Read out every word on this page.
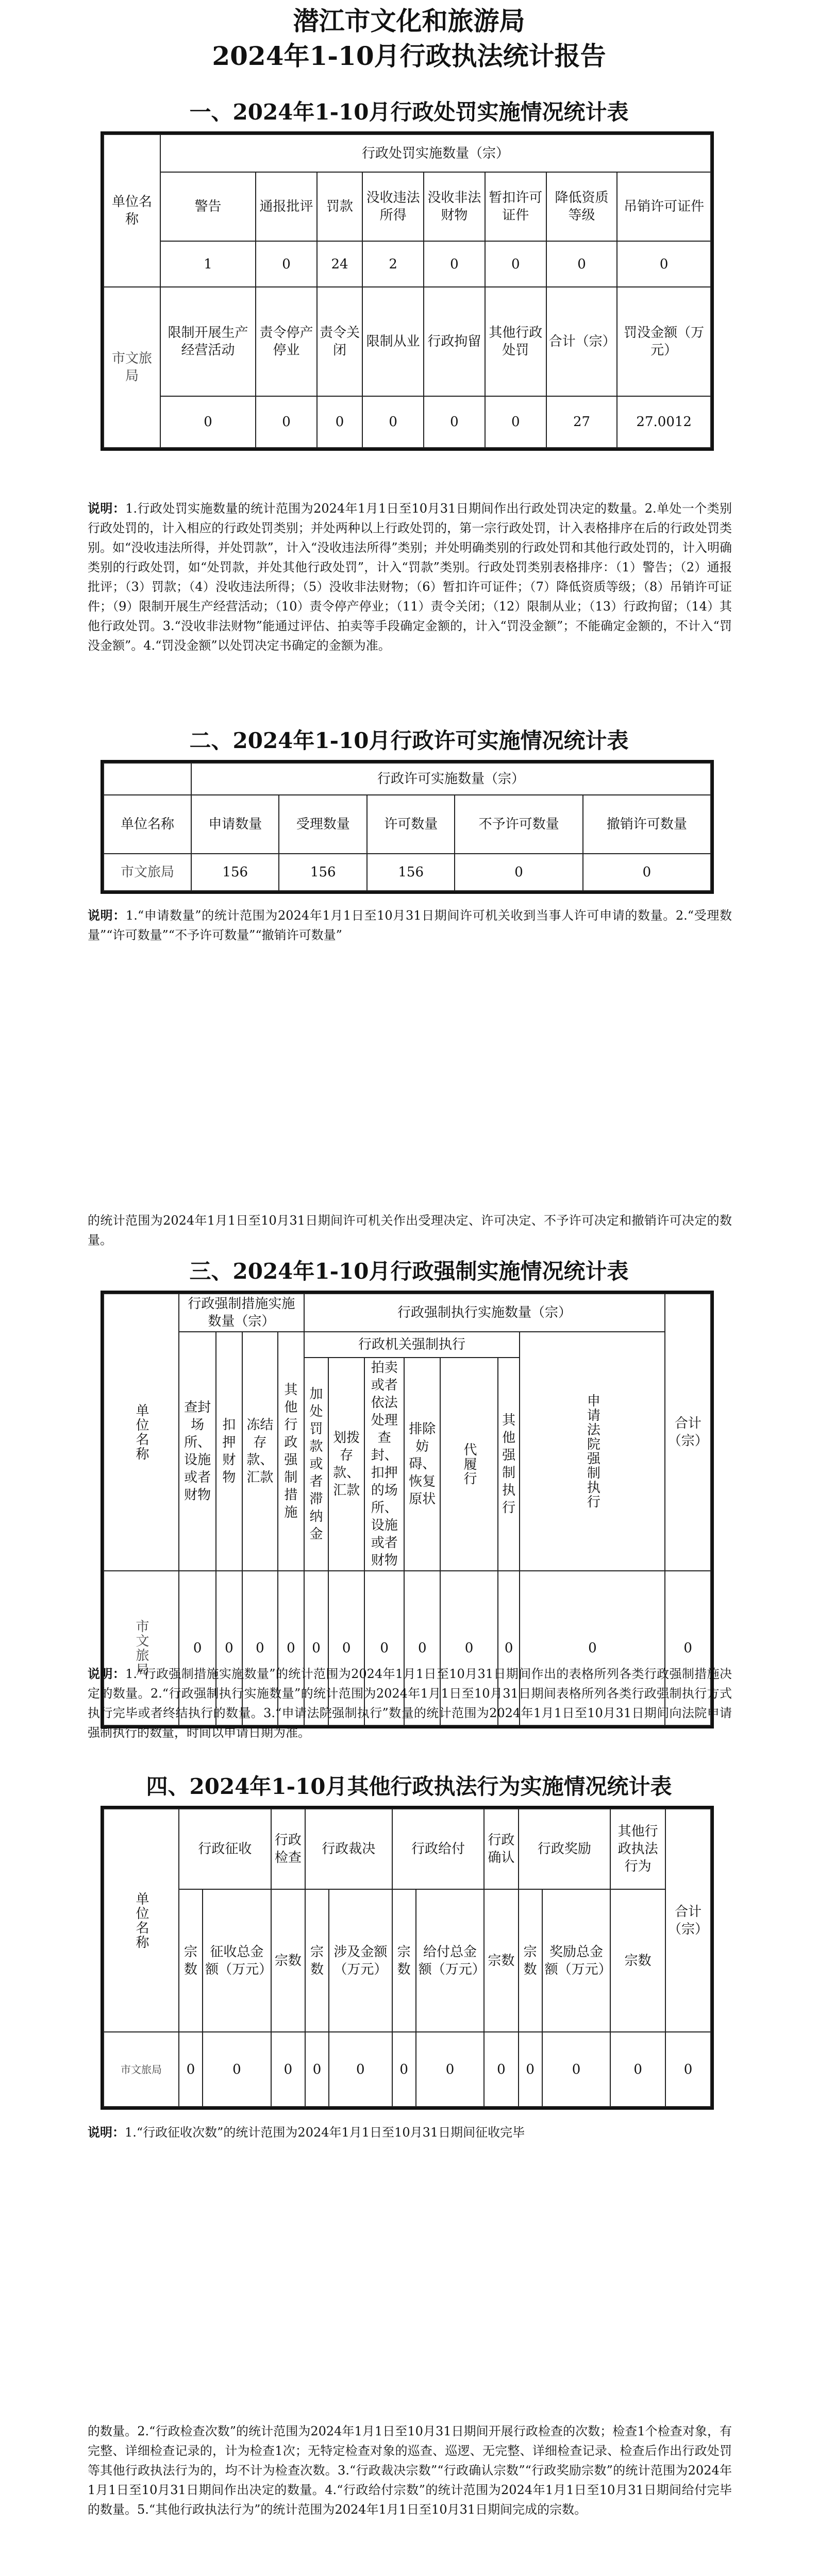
潜江市文化和旅游局
2024年1-10月行政执法统计报告
一、2024年1-10月行政处罚实施情况统计表
单位名称	行政处罚实施数量（宗）							
	警告	通报批评	罚款	没收违法所得	没收非法财物	暂扣许可证件	降低资质等级	吊销许可证件
	1	0	24	2	0	0	0	0
市文旅局	限制开展生产经营活动	责令停产停业	责令关闭	限制从业	行政拘留	其他行政处罚	合计（宗）	罚没金额（万元）
	0	0	0	0	0	0	27	27.0012
说明：1.行政处罚实施数量的统计范围为2024年1月1日至10月31日期间作出行政处罚决定的数量。2.单处一个类别行政处罚的，计入相应的行政处罚类别；并处两种以上行政处罚的，第一宗行政处罚，计入表格排序在后的行政处罚类别。如“没收违法所得，并处罚款”，计入“没收违法所得”类别；并处明确类别的行政处罚和其他行政处罚的，计入明确类别的行政处罚，如“处罚款，并处其他行政处罚”，计入“罚款”类别。行政处罚类别表格排序：（1）警告；（2）通报批评；（3）罚款；（4）没收违法所得；（5）没收非法财物；（6）暂扣许可证件；（7）降低资质等级；（8）吊销许可证件；（9）限制开展生产经营活动；（10）责令停产停业；（11）责令关闭；（12）限制从业；（13）行政拘留；（14）其他行政处罚。3.“没收非法财物”能通过评估、拍卖等手段确定金额的，计入“罚没金额”；不能确定金额的，不计入“罚没金额”。4.“罚没金额”以处罚决定书确定的金额为准。
二、2024年1-10月行政许可实施情况统计表
	行政许可实施数量（宗）				
单位名称	申请数量	受理数量	许可数量	不予许可数量	撤销许可数量
市文旅局	156	156	156	0	0
说明：1.“申请数量”的统计范围为2024年1月1日至10月31日期间许可机关收到当事人许可申请的数量。2.“受理数量”“许可数量”“不予许可数量”“撤销许可数量”
的统计范围为2024年1月1日至10月31日期间许可机关作出受理决定、许可决定、不予许可决定和撤销许可决定的数量。
三、2024年1-10月行政强制实施情况统计表
单位名称	行政强制措施实施数量（宗）				行政强制执行实施数量（宗）							合计（宗）
	查封场所、设施或者财物	扣押财物	冻结存款、汇款	其他行政强制措施	行政机关强制执行						申请法院强制执行	
					加处罚款或者滞纳金	划拨存款、汇款	拍卖或者依法处理查封、扣押的场所、设施或者财物	排除妨碍、恢复原状	代履行	其他强制执行		
市文旅局	0	0	0	0	0	0	0	0	0	0	0	0
说明：1.“行政强制措施实施数量”的统计范围为2024年1月1日至10月31日期间作出的表格所列各类行政强制措施决定的数量。2.“行政强制执行实施数量”的统计范围为2024年1月1日至10月31日期间表格所列各类行政强制执行方式执行完毕或者终结执行的数量。3.“申请法院强制执行”数量的统计范围为2024年1月1日至10月31日期间向法院申请强制执行的数量，时间以申请日期为准。
四、2024年1-10月其他行政执法行为实施情况统计表
单位名称	行政征收		行政检查	行政裁决		行政给付		行政确认	行政奖励		其他行政执法行为	合计（宗）
	宗数	征收总金额（万元）	宗数	宗数	涉及金额（万元）	宗数	给付总金额（万元）	宗数	宗数	奖励总金额（万元）	宗数	
市文旅局	0	0	0	0	0	0	0	0	0	0	0	0
说明：1.“行政征收次数”的统计范围为2024年1月1日至10月31日期间征收完毕
的数量。2.“行政检查次数”的统计范围为2024年1月1日至10月31日期间开展行政检查的次数；检查1个检查对象，有完整、详细检查记录的，计为检查1次；无特定检查对象的巡查、巡逻、无完整、详细检查记录、检查后作出行政处罚等其他行政执法行为的，均不计为检查次数。3.“行政裁决宗数”“行政确认宗数”“行政奖励宗数”的统计范围为2024年1月1日至10月31日期间作出决定的数量。4.“行政给付宗数”的统计范围为2024年1月1日至10月31日期间给付完毕的数量。5.“其他行政执法行为”的统计范围为2024年1月1日至10月31日期间完成的宗数。
